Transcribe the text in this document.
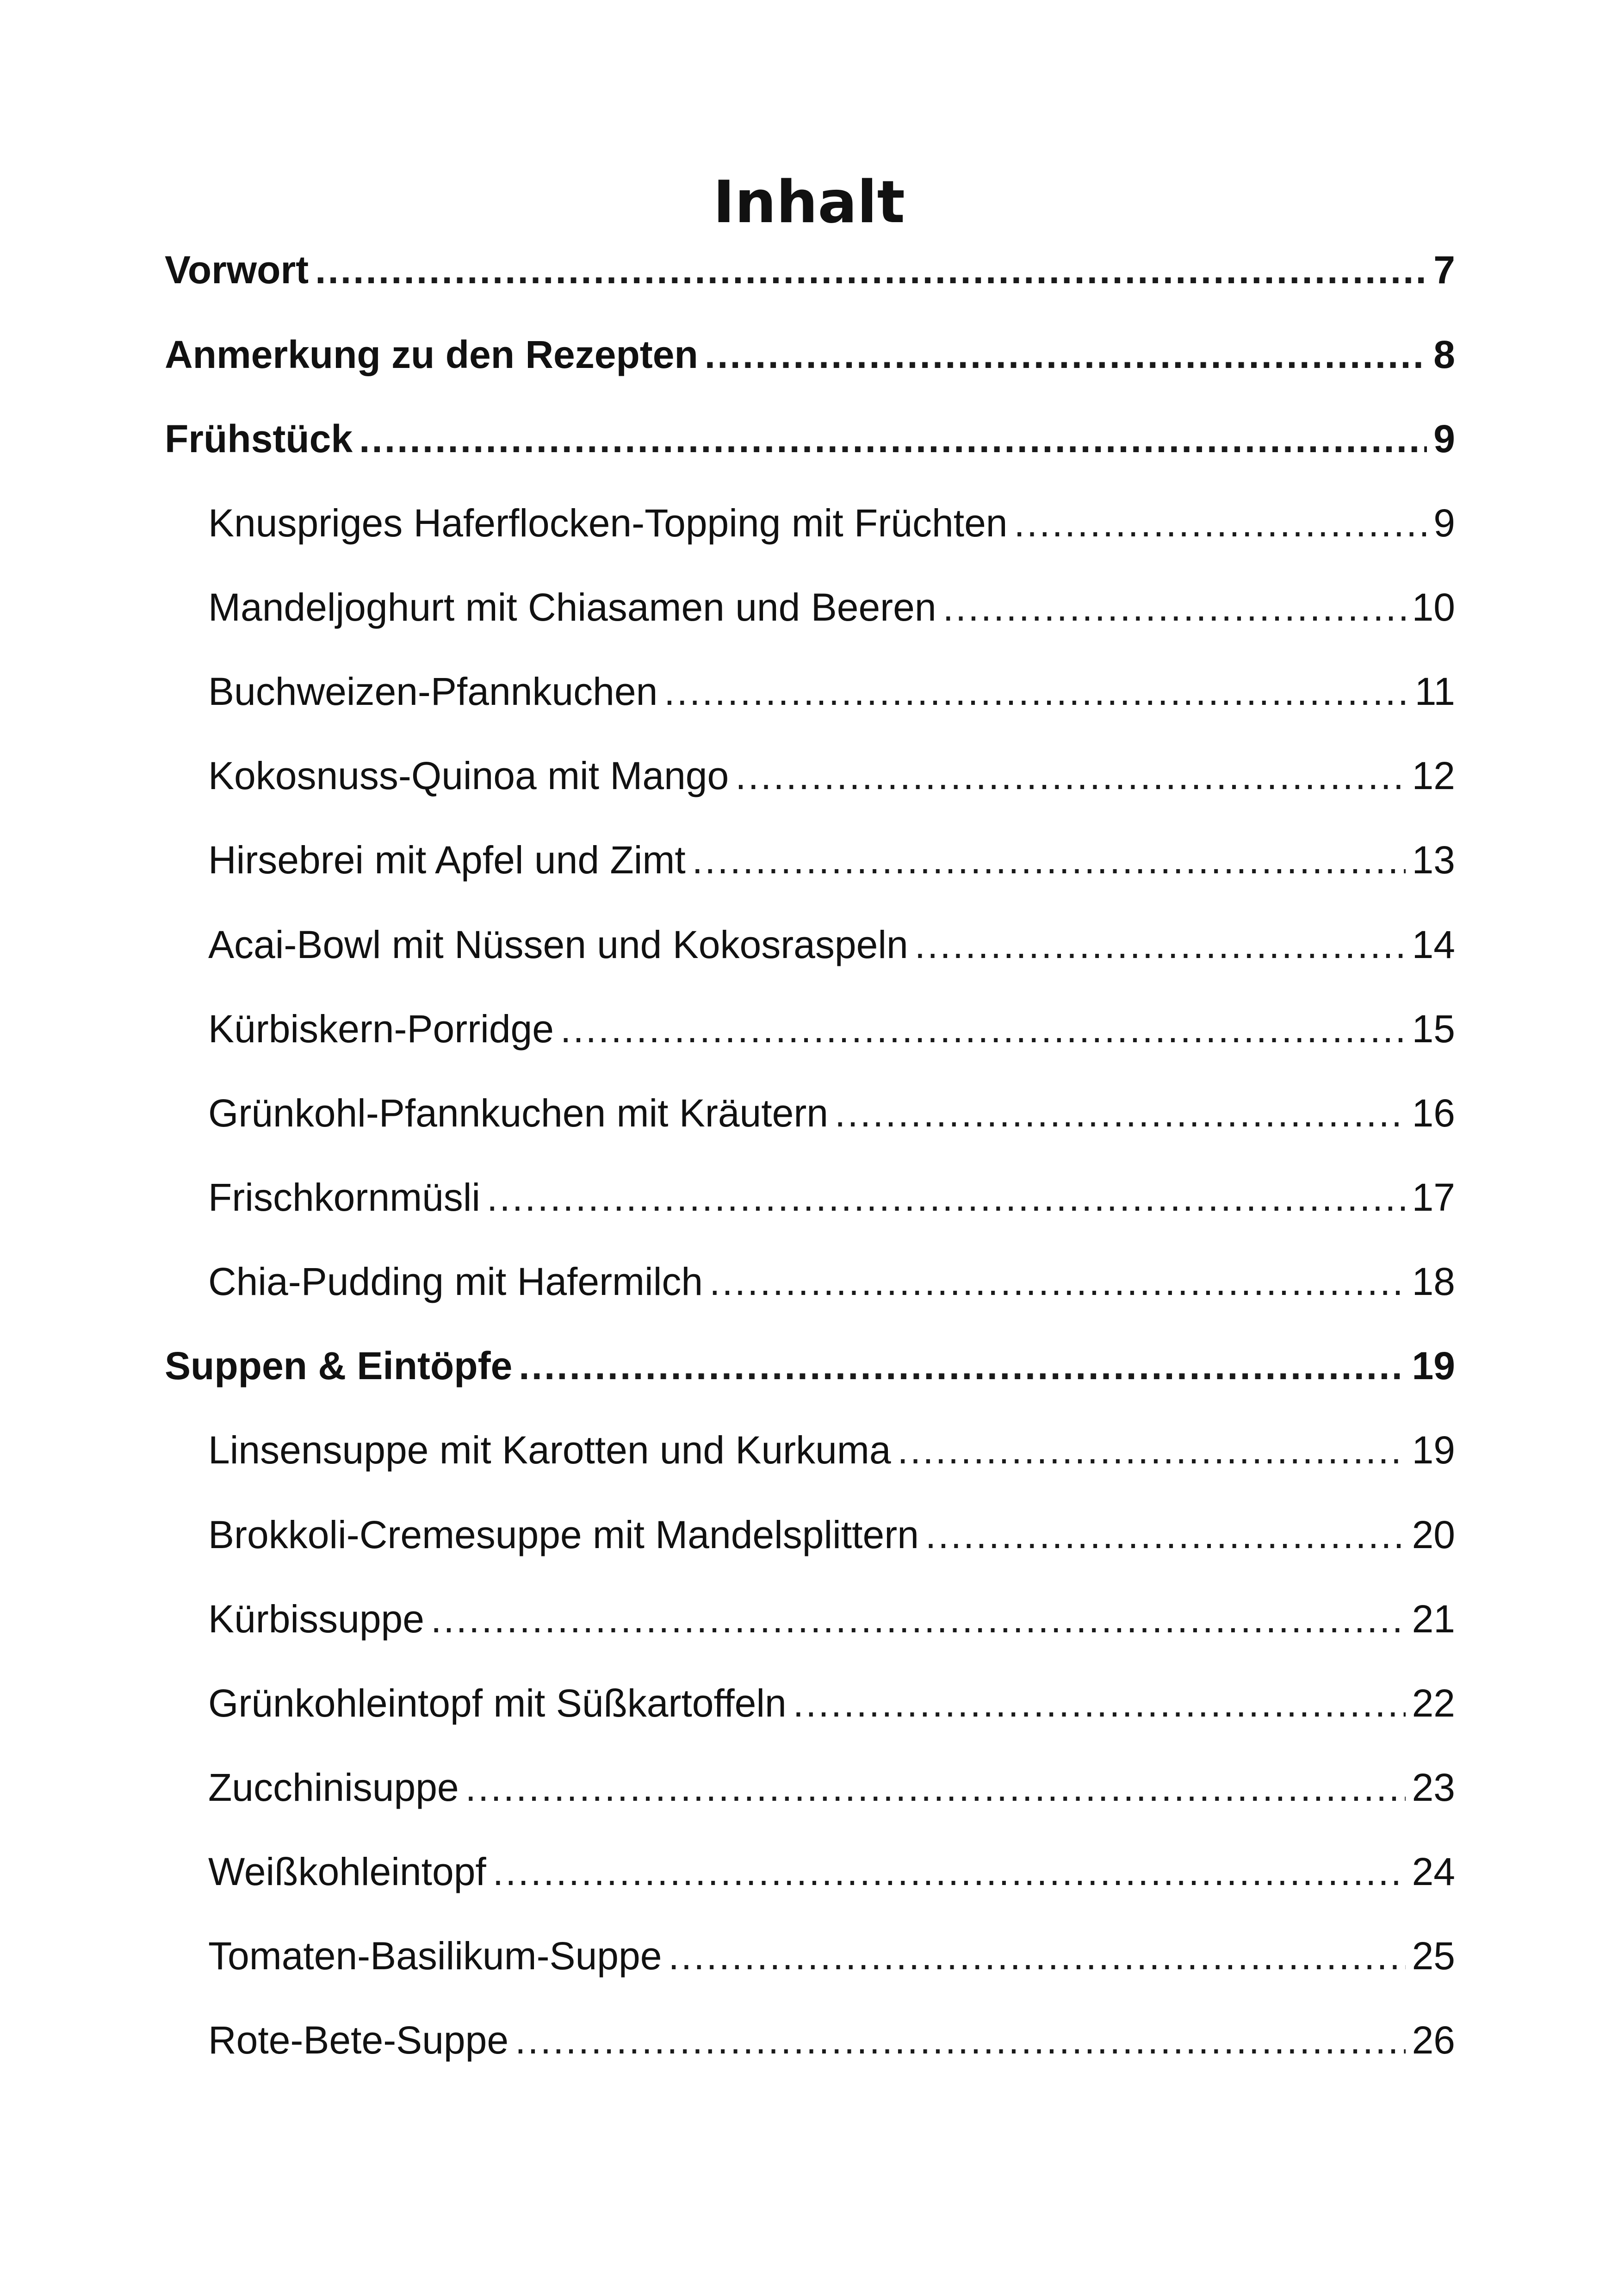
Inhalt
Vorwort .....	7
Anmerkung zu den Rezepten .....	8
Frühstück .....	9
Knuspriges Haferflocken-Topping mit Früchten .....	9
Mandeljoghurt mit Chiasamen und Beeren .....	10
Buchweizen-Pfannkuchen .....	11
Kokosnuss-Quinoa mit Mango .....	12
Hirsebrei mit Apfel und Zimt .....	13
Acai-Bowl mit Nüssen und Kokosraspeln .....	14
Kürbiskern-Porridge .....	15
Grünkohl-Pfannkuchen mit Kräutern .....	16
Frischkornmüsli .....	17
Chia-Pudding mit Hafermilch .....	18
Suppen & Eintöpfe .....	19
Linsensuppe mit Karotten und Kurkuma .....	19
Brokkoli-Cremesuppe mit Mandelsplittern .....	20
Kürbissuppe .....	21
Grünkohleintopf mit Süßkartoffeln .....	22
Zucchinisuppe .....	23
Weißkohleintopf .....	24
Tomaten-Basilikum-Suppe .....	25
Rote-Bete-Suppe .....	26
